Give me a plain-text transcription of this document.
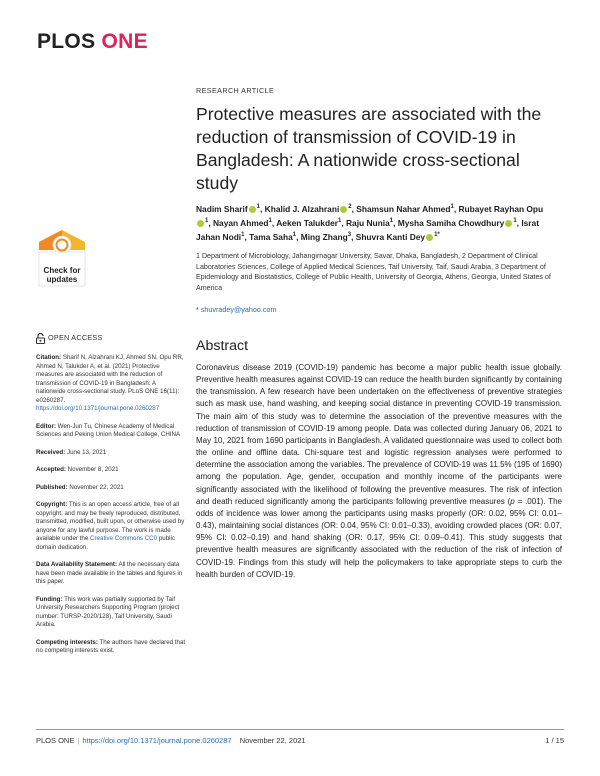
PLOS ONE
Check for
updates
RESEARCH ARTICLE
Protective measures are associated with the reduction of transmission of COVID-19 in Bangladesh: A nationwide cross-sectional study
Nadim Sharif $^1$, Khalid J. Alzahrani $^2$, Shamsun Nahar Ahmed$^1$, Rubayet Rayhan Opu$^1$, Nayan Ahmed$^1$, Aeken Talukder$^1$, Raju Nunia$^1$, Mysha Samiha Chowdhury $^1$, Israt Jahan Nodi$^1$, Tama Saha$^1$, Ming Zhang$^3$, Shuvra Kanti Dey $^{1*}$
1 Department of Microbiology, Jahangirnagar University, Savar, Dhaka, Bangladesh, 2 Department of Clinical Laboratories Sciences, College of Applied Medical Sciences, Taif University, Taif, Saudi Arabia, 3 Department of Epidemiology and Biostatistics, College of Public Health, University of Georgia, Athens, Georgia, United States of America
* shuvradey@yahoo.com
Abstract
Coronavirus disease 2019 (COVID-19) pandemic has become a major public health issue globally. Preventive health measures against COVID-19 can reduce the health burden significantly by containing the transmission. A few research have been undertaken on the effectiveness of preventive strategies such as mask use, hand washing, and keeping social distance in preventing COVID-19 transmission. The main aim of this study was to determine the association of the preventive measures with the reduction of transmission of COVID-19 among people. Data was collected during January 06, 2021 to May 10, 2021 from 1690 participants in Bangladesh. A validated questionnaire was used to collect both the online and offline data. Chi-square test and logistic regression analyses were performed to determine the association among the variables. The prevalence of COVID-19 was 11.5% (195 of 1690) among the population. Age, gender, occupation and monthly income of the participants were significantly associated with the likelihood of following the preventive measures. The risk of infection and death reduced significantly among the participants following preventive measures (p = .001). The odds of incidence was lower among the participants using masks properly (OR: 0.02, 95% CI: 0.01–0.43), maintaining social distances (OR: 0.04, 95% CI: 0.01–0.33), avoiding crowded places (OR: 0.07, 95% CI: 0.02–0.19) and hand shaking (OR: 0.17, 95% CI: 0.09–0.41). This study suggests that preventive health measures are significantly associated with the reduction of the risk of infection of COVID-19. Findings from this study will help the policymakers to take appropriate steps to curb the health burden of COVID-19.
OPEN ACCESS
Citation: Sharif N, Alzahrani KJ, Ahmed SN, Opu RR, Ahmed N, Talukder A, et al. (2021) Protective measures are associated with the reduction of transmission of COVID-19 in Bangladesh: A nationwide cross-sectional study. PLoS ONE 16(11): e0260287. https://doi.org/10.1371/journal.pone.0260287
Editor: Wen-Jun Tu, Chinese Academy of Medical Sciences and Peking Union Medical College, CHINA
Received: June 13, 2021
Accepted: November 8, 2021
Published: November 22, 2021
Copyright: This is an open access article, free of all copyright, and may be freely reproduced, distributed, transmitted, modified, built upon, or otherwise used by anyone for any lawful purpose. The work is made available under the Creative Commons CC0 public domain dedication.
Data Availability Statement: All the necessary data have been made available in the tables and figures in this paper.
Funding: This work was partially supported by Taif University Researchers Supporting Program (project number: TURSP-2020/128), Taif University, Saudi Arabia.
Competing interests: The authors have declared that no competing interests exist.
PLOS ONE | https://doi.org/10.1371/journal.pone.0260287 November 22, 2021	1 / 15
